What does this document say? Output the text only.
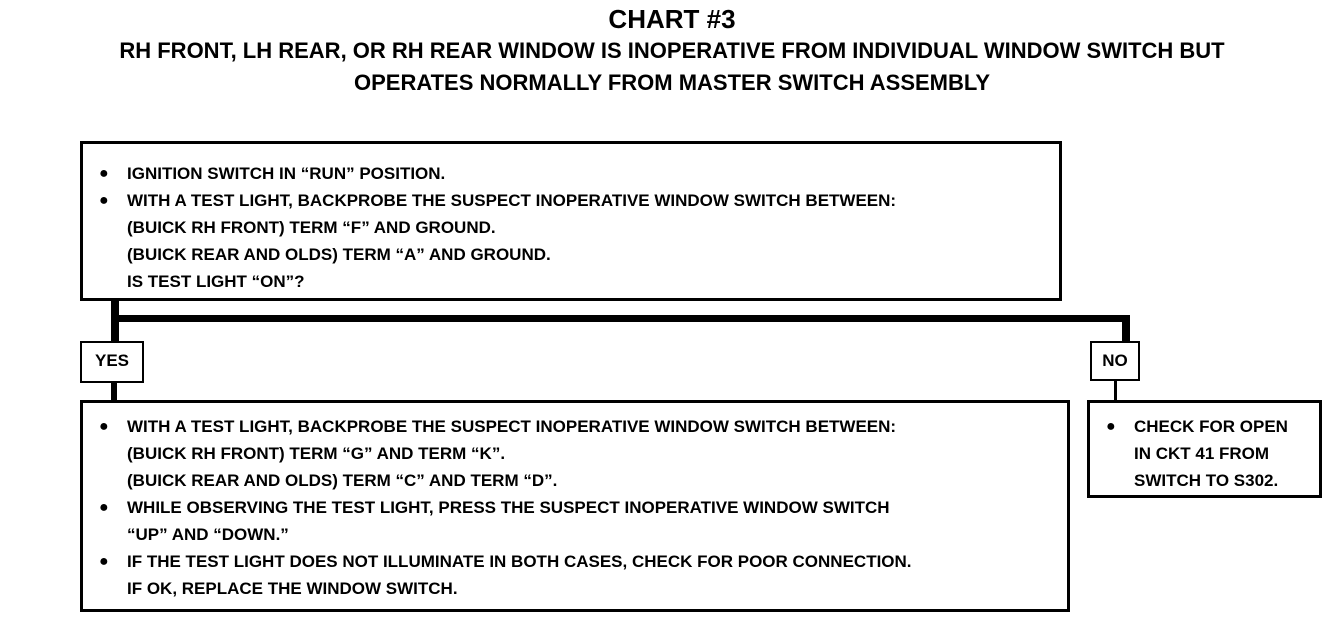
CHART #3
RH FRONT, LH REAR, OR RH REAR WINDOW IS INOPERATIVE FROM INDIVIDUAL WINDOW SWITCH BUT
OPERATES NORMALLY FROM MASTER SWITCH ASSEMBLY
● IGNITION SWITCH IN “RUN” POSITION.
● WITH A TEST LIGHT, BACKPROBE THE SUSPECT INOPERATIVE WINDOW SWITCH BETWEEN:
(BUICK RH FRONT) TERM “F” AND GROUND.
(BUICK REAR AND OLDS) TERM “A” AND GROUND.
IS TEST LIGHT “ON”?
YES	NO
● WITH A TEST LIGHT, BACKPROBE THE SUSPECT INOPERATIVE WINDOW SWITCH BETWEEN:
(BUICK RH FRONT) TERM “G” AND TERM “K”.
(BUICK REAR AND OLDS) TERM “C” AND TERM “D”.
● WHILE OBSERVING THE TEST LIGHT, PRESS THE SUSPECT INOPERATIVE WINDOW SWITCH
“UP” AND “DOWN.”
● IF THE TEST LIGHT DOES NOT ILLUMINATE IN BOTH CASES, CHECK FOR POOR CONNECTION.
IF OK, REPLACE THE WINDOW SWITCH.
● CHECK FOR OPEN
IN CKT 41 FROM
SWITCH TO S302.
